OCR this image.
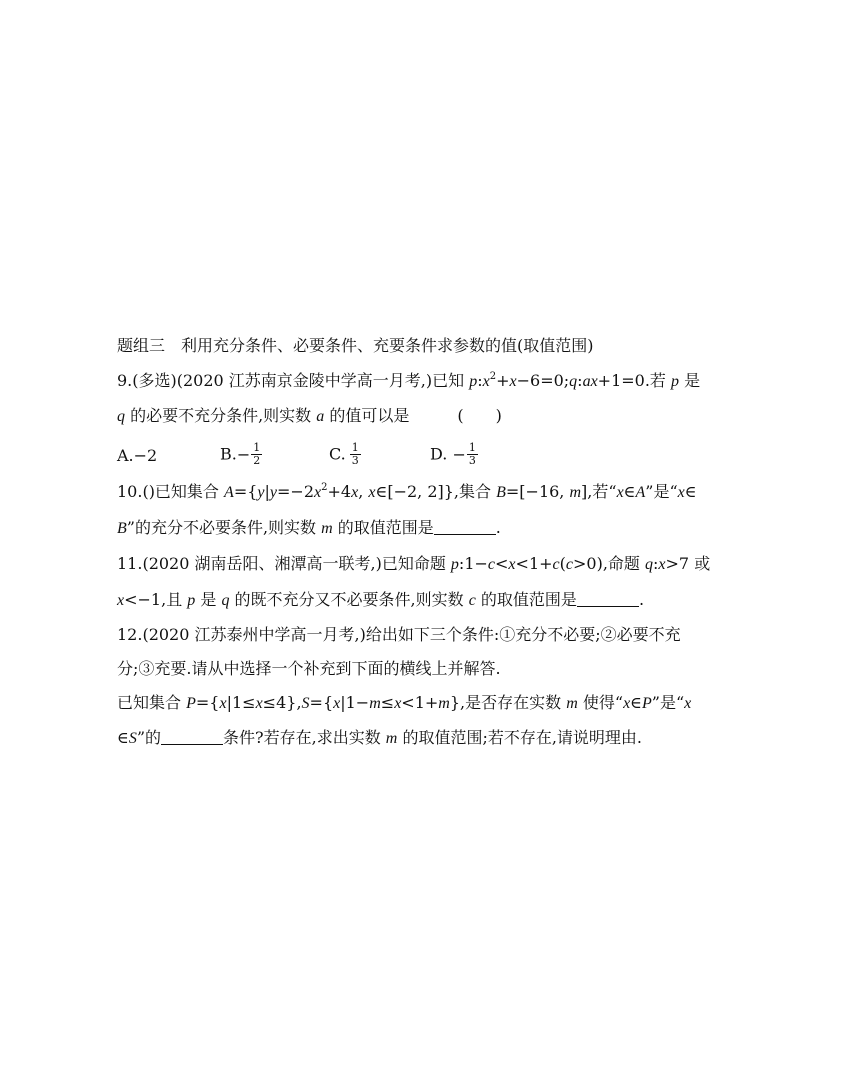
题组三　利用充分条件、必要条件、充要条件求参数的值(取值范围)
9.(多选)(2020 江苏南京金陵中学高一月考,)已知 $p:x^2+x-6=0;q:ax+1=0$.若 p 是
q 的必要不充分条件,则实数 a 的值可以是	(　　)
A.−2	$B.- \frac{1}{2}$	C. $\frac{1}{3}$	D. − $\frac{1}{3}$
10.()已知集合 $A=\{y|y=-2x^2+4x$, x∈[−2, 2]},集合 B=[−16, m],若“x∈A”是“x∈
B”的充分不必要条件,则实数 m 的取值范围是	.
11.(2020 湖南岳阳、湘潭高一联考,)已知命题 p:1−c<x<1+c(c>0),命题 q:x>7 或
x<−1,且 p 是 q 的既不充分又不必要条件,则实数 c 的取值范围是	.
12.(2020 江苏泰州中学高一月考,)给出如下三个条件:①充分不必要;②必要不充
分;③充要.请从中选择一个补充到下面的横线上并解答.
已知集合 P={x|1≤x≤4},S={x|1−m≤x<1+m},是否存在实数 m 使得“x∈P”是“x
∈S”的	条件?若存在,求出实数 m 的取值范围;若不存在,请说明理由.
